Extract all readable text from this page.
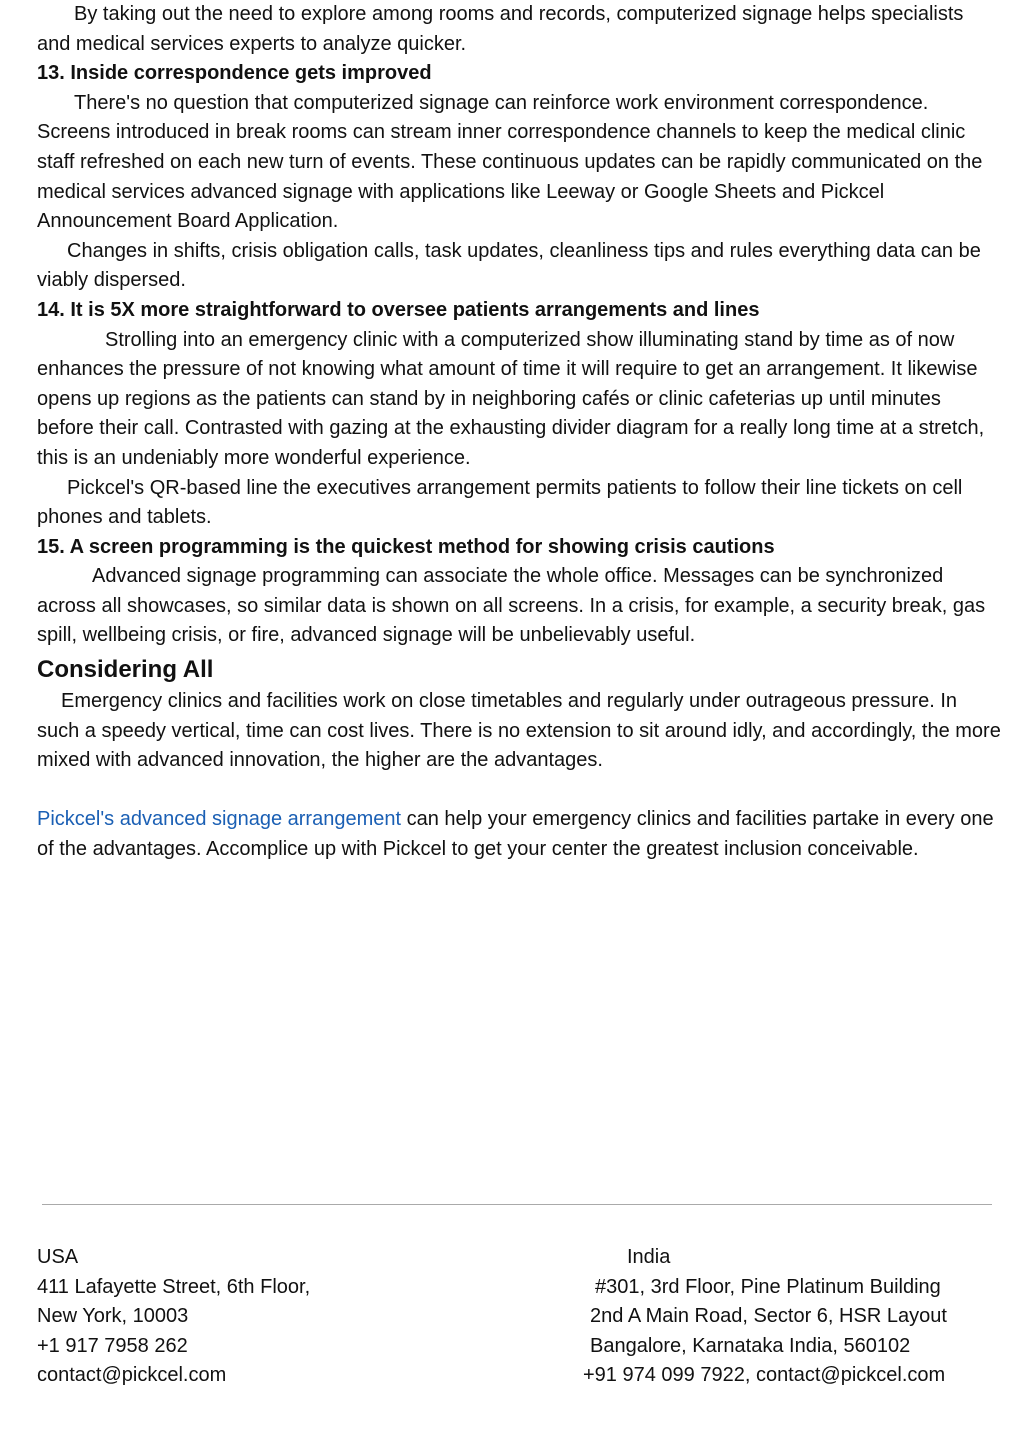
By taking out the need to explore among rooms and records, computerized signage helps specialists and medical services experts to analyze quicker.

13. Inside correspondence gets improved

There's no question that computerized signage can reinforce work environment correspondence. Screens introduced in break rooms can stream inner correspondence channels to keep the medical clinic staff refreshed on each new turn of events. These continuous updates can be rapidly communicated on the medical services advanced signage with applications like Leeway or Google Sheets and Pickcel Announcement Board Application.

Changes in shifts, crisis obligation calls, task updates, cleanliness tips and rules everything data can be viably dispersed.

14. It is 5X more straightforward to oversee patients arrangements and lines

Strolling into an emergency clinic with a computerized show illuminating stand by time as of now enhances the pressure of not knowing what amount of time it will require to get an arrangement. It likewise opens up regions as the patients can stand by in neighboring cafés or clinic cafeterias up until minutes before their call. Contrasted with gazing at the exhausting divider diagram for a really long time at a stretch, this is an undeniably more wonderful experience.

Pickcel's QR-based line the executives arrangement permits patients to follow their line tickets on cell phones and tablets.

15. A screen programming is the quickest method for showing crisis cautions

Advanced signage programming can associate the whole office. Messages can be synchronized across all showcases, so similar data is shown on all screens. In a crisis, for example, a security break, gas spill, wellbeing crisis, or fire, advanced signage will be unbelievably useful.

Considering All

Emergency clinics and facilities work on close timetables and regularly under outrageous pressure. In such a speedy vertical, time can cost lives. There is no extension to sit around idly, and accordingly, the more mixed with advanced innovation, the higher are the advantages.

Pickcel's advanced signage arrangement can help your emergency clinics and facilities partake in every one of the advantages. Accomplice up with Pickcel to get your center the greatest inclusion conceivable.

USA
411 Lafayette Street, 6th Floor,
New York, 10003
+1 917 7958 262
contact@pickcel.com
India
#301, 3rd Floor, Pine Platinum Building
2nd A Main Road, Sector 6, HSR Layout
Bangalore, Karnataka India, 560102
+91 974 099 7922, contact@pickcel.com
